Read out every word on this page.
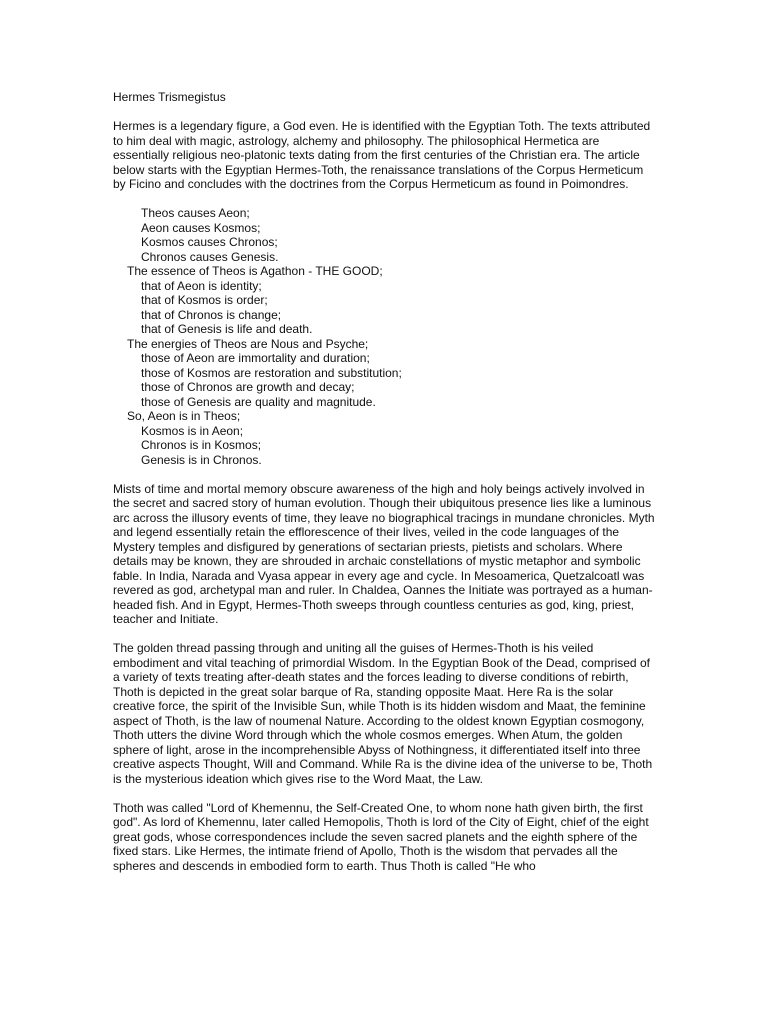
Hermes Trismegistus

Hermes is a legendary figure, a God even. He is identified with the Egyptian Toth. The texts attributed to him deal with magic, astrology, alchemy and philosophy. The philosophical Hermetica are essentially religious neo-platonic texts dating from the first centuries of the Christian era. The article below starts with the Egyptian Hermes-Toth, the renaissance translations of the Corpus Hermeticum by Ficino and concludes with the doctrines from the Corpus Hermeticum as found in Poimondres.

Theos causes Aeon;
Aeon causes Kosmos;
Kosmos causes Chronos;
Chronos causes Genesis.
The essence of Theos is Agathon - THE GOOD;
that of Aeon is identity;
that of Kosmos is order;
that of Chronos is change;
that of Genesis is life and death.
The energies of Theos are Nous and Psyche;
those of Aeon are immortality and duration;
those of Kosmos are restoration and substitution;
those of Chronos are growth and decay;
those of Genesis are quality and magnitude.
So, Aeon is in Theos;
Kosmos is in Aeon;
Chronos is in Kosmos;
Genesis is in Chronos.

Mists of time and mortal memory obscure awareness of the high and holy beings actively involved in the secret and sacred story of human evolution. Though their ubiquitous presence lies like a luminous arc across the illusory events of time, they leave no biographical tracings in mundane chronicles. Myth and legend essentially retain the efflorescence of their lives, veiled in the code languages of the Mystery temples and disfigured by generations of sectarian priests, pietists and scholars. Where details may be known, they are shrouded in archaic constellations of mystic metaphor and symbolic fable. In India, Narada and Vyasa appear in every age and cycle. In Mesoamerica, Quetzalcoatl was revered as god, archetypal man and ruler. In Chaldea, Oannes the Initiate was portrayed as a human-headed fish. And in Egypt, Hermes-Thoth sweeps through countless centuries as god, king, priest, teacher and Initiate.

The golden thread passing through and uniting all the guises of Hermes-Thoth is his veiled embodiment and vital teaching of primordial Wisdom. In the Egyptian Book of the Dead, comprised of a variety of texts treating after-death states and the forces leading to diverse conditions of rebirth, Thoth is depicted in the great solar barque of Ra, standing opposite Maat. Here Ra is the solar creative force, the spirit of the Invisible Sun, while Thoth is its hidden wisdom and Maat, the feminine aspect of Thoth, is the law of noumenal Nature. According to the oldest known Egyptian cosmogony, Thoth utters the divine Word through which the whole cosmos emerges. When Atum, the golden sphere of light, arose in the incomprehensible Abyss of Nothingness, it differentiated itself into three creative aspects Thought, Will and Command. While Ra is the divine idea of the universe to be, Thoth is the mysterious ideation which gives rise to the Word Maat, the Law.

Thoth was called "Lord of Khemennu, the Self-Created One, to whom none hath given birth, the first god". As lord of Khemennu, later called Hemopolis, Thoth is lord of the City of Eight, chief of the eight great gods, whose correspondences include the seven sacred planets and the eighth sphere of the fixed stars. Like Hermes, the intimate friend of Apollo, Thoth is the wisdom that pervades all the spheres and descends in embodied form to earth. Thus Thoth is called "He who
